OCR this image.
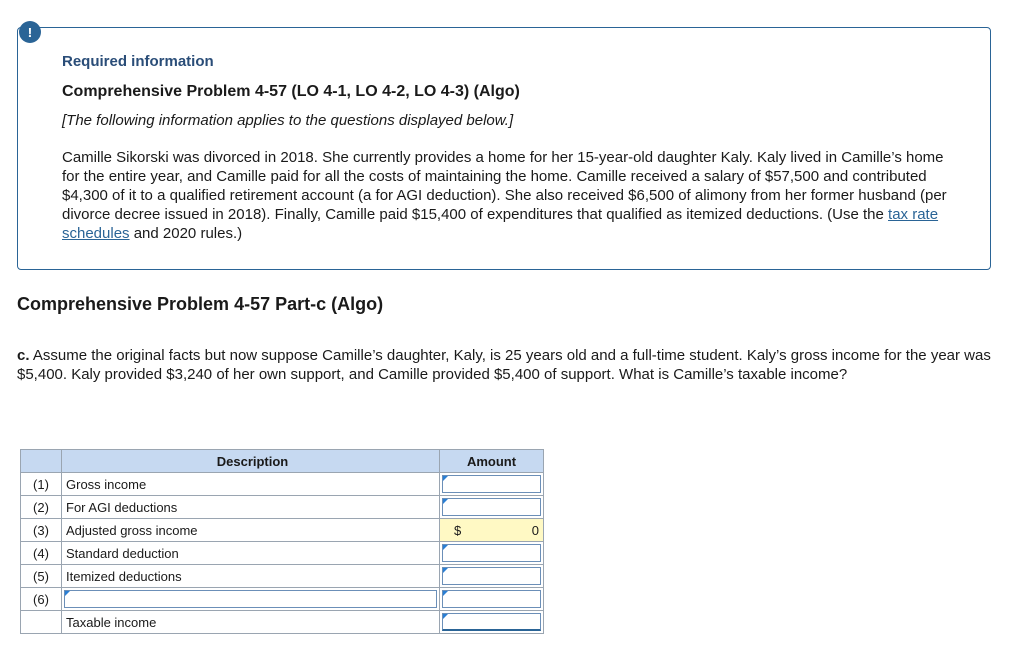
!

Required information

Comprehensive Problem 4-57 (LO 4-1, LO 4-2, LO 4-3) (Algo)

[The following information applies to the questions displayed below.]

Camille Sikorski was divorced in 2018. She currently provides a home for her 15-year-old daughter Kaly. Kaly lived in Camille’s home for the entire year, and Camille paid for all the costs of maintaining the home. Camille received a salary of $57,500 and contributed $4,300 of it to a qualified retirement account (a for AGI deduction). She also received $6,500 of alimony from her former husband (per divorce decree issued in 2018). Finally, Camille paid $15,400 of expenditures that qualified as itemized deductions. (Use the tax rate schedules and 2020 rules.)

Comprehensive Problem 4-57 Part-c (Algo)

c. Assume the original facts but now suppose Camille’s daughter, Kaly, is 25 years old and a full-time student. Kaly’s gross income for the year was $5,400. Kaly provided $3,240 of her own support, and Camille provided $5,400 of support. What is Camille’s taxable income?

	Description	Amount
(1)	Gross income	

(2)	For AGI deductions	

(3)	Adjusted gross income	$ 0

(4)	Standard deduction	

(5)	Itemized deductions	

(6)	

	Taxable income	
